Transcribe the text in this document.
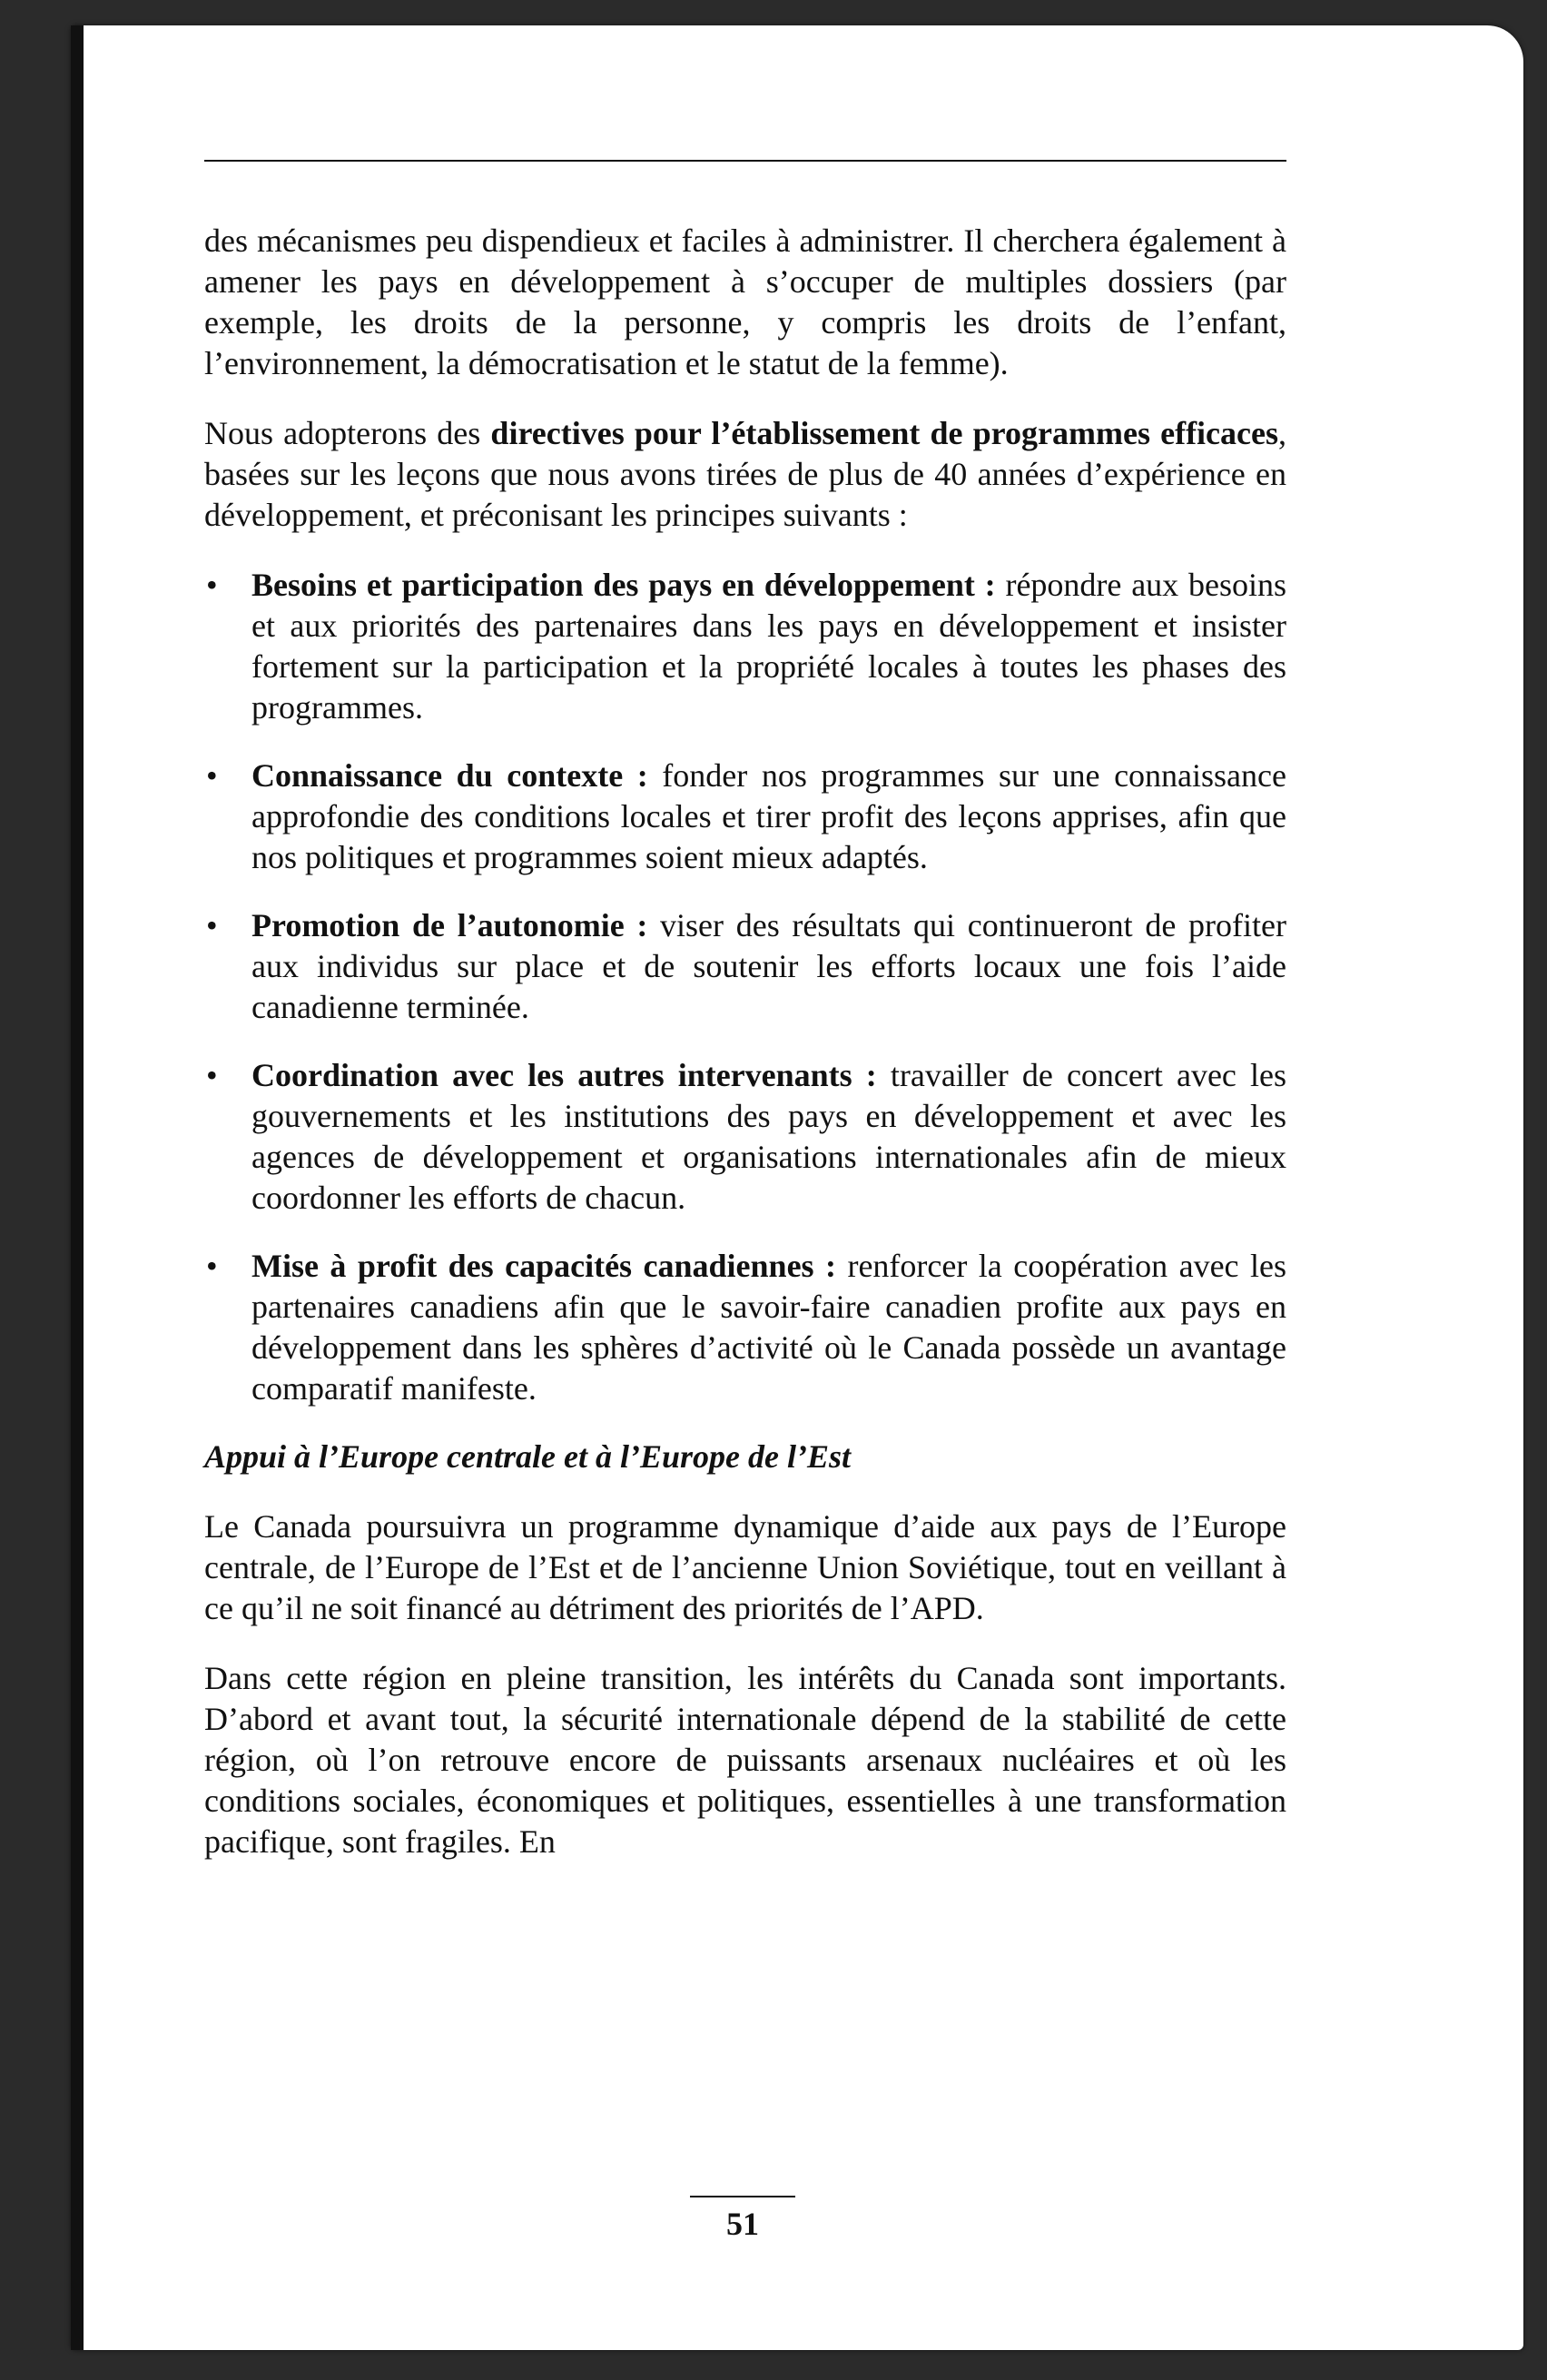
des mécanismes peu dispendieux et faciles à administrer. Il cherchera également à amener les pays en développement à s’occuper de multiples dossiers (par exemple, les droits de la personne, y compris les droits de l’enfant, l’environnement, la démocratisation et le statut de la femme).

Nous adopterons des directives pour l’établissement de programmes efficaces, basées sur les leçons que nous avons tirées de plus de 40 années d’expérience en développement, et préconisant les principes suivants :

• Besoins et participation des pays en développement : répondre aux besoins et aux priorités des partenaires dans les pays en développement et insister fortement sur la participation et la propriété locales à toutes les phases des programmes.
• Connaissance du contexte : fonder nos programmes sur une connaissance approfondie des conditions locales et tirer profit des leçons apprises, afin que nos politiques et programmes soient mieux adaptés.
• Promotion de l’autonomie : viser des résultats qui continueront de profiter aux individus sur place et de soutenir les efforts locaux une fois l’aide canadienne terminée.
• Coordination avec les autres intervenants : travailler de concert avec les gouvernements et les institutions des pays en développement et avec les agences de développement et organisations internationales afin de mieux coordonner les efforts de chacun.
• Mise à profit des capacités canadiennes : renforcer la coopération avec les partenaires canadiens afin que le savoir-faire canadien profite aux pays en développement dans les sphères d’activité où le Canada possède un avantage comparatif manifeste.

Appui à l’Europe centrale et à l’Europe de l’Est

Le Canada poursuivra un programme dynamique d’aide aux pays de l’Europe centrale, de l’Europe de l’Est et de l’ancienne Union Soviétique, tout en veillant à ce qu’il ne soit financé au détriment des priorités de l’APD.

Dans cette région en pleine transition, les intérêts du Canada sont importants. D’abord et avant tout, la sécurité internationale dépend de la stabilité de cette région, où l’on retrouve encore de puissants arsenaux nucléaires et où les conditions sociales, économiques et politiques, essentielles à une transformation pacifique, sont fragiles. En

51
